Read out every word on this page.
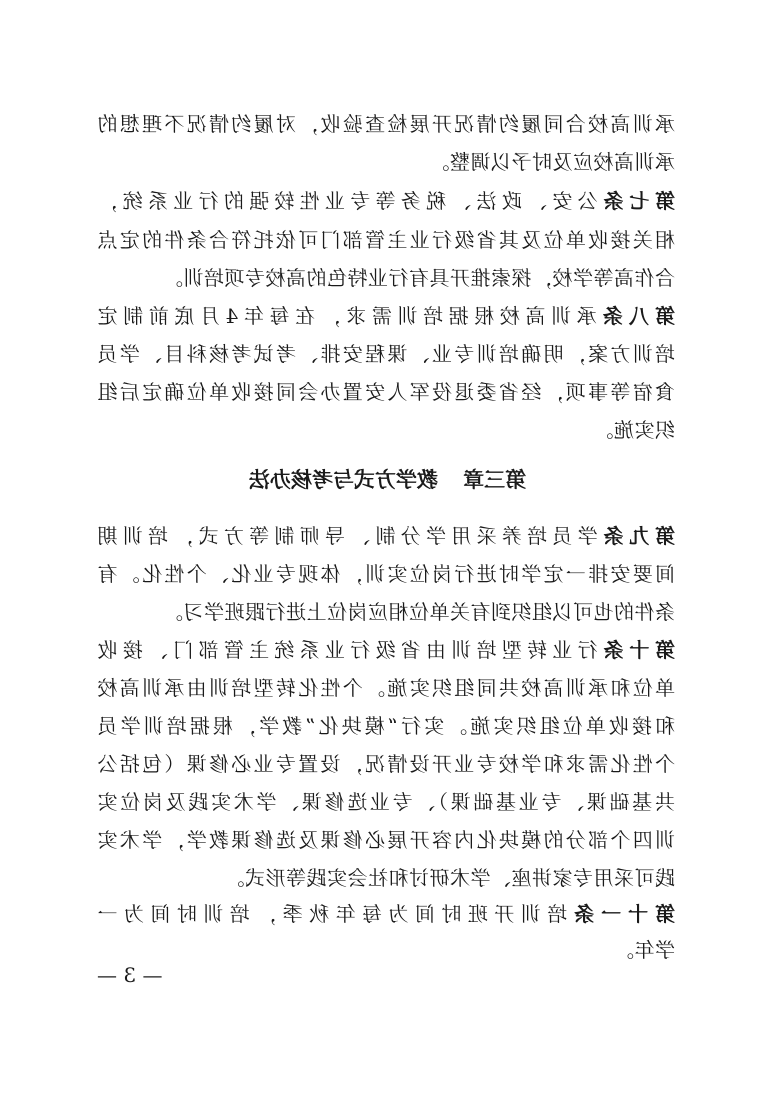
承训高校合同履约情况开展检查验收，对履约情况不理想的
承训高校应及时予以调整。
第七条公安、政法、税务等专业性较强的行业系统，
相关接收单位及其省级行业主管部门可依托符合条件的定点
合作高等学校，探索推开具有行业特色的高校专项培训。
第八条承训高校根据培训需求，在每年4月底前制定
培训方案，明确培训专业、课程安排、考试考核科目、学员
食宿等事项，经省委退役军人安置办会同接收单位确定后组
织实施。
第三章 教学方式与考核办法
第九条学员培养采用学分制、导师制等方式，培训期
间要安排一定学时进行岗位实训，体现专业化、个性化。有
条件的也可以组织到有关单位相应岗位上进行跟班学习。
第十条行业转型培训由省级行业系统主管部门、接收
单位和承训高校共同组织实施。个性化转型培训由承训高校
和接收单位组织实施。实行“模块化”教学，根据培训学员
个性化需求和学校专业开设情况，设置专业必修课（包括公
共基础课、专业基础课）、专业选修课、学术实践及岗位实
训四个部分的模块化内容开展必修课及选修课教学，学术实
践可采用专家讲座、学术研讨和社会实践等形式。
第十一条培训开班时间为每年秋季，培训时间为一
学年。
— 3 —
